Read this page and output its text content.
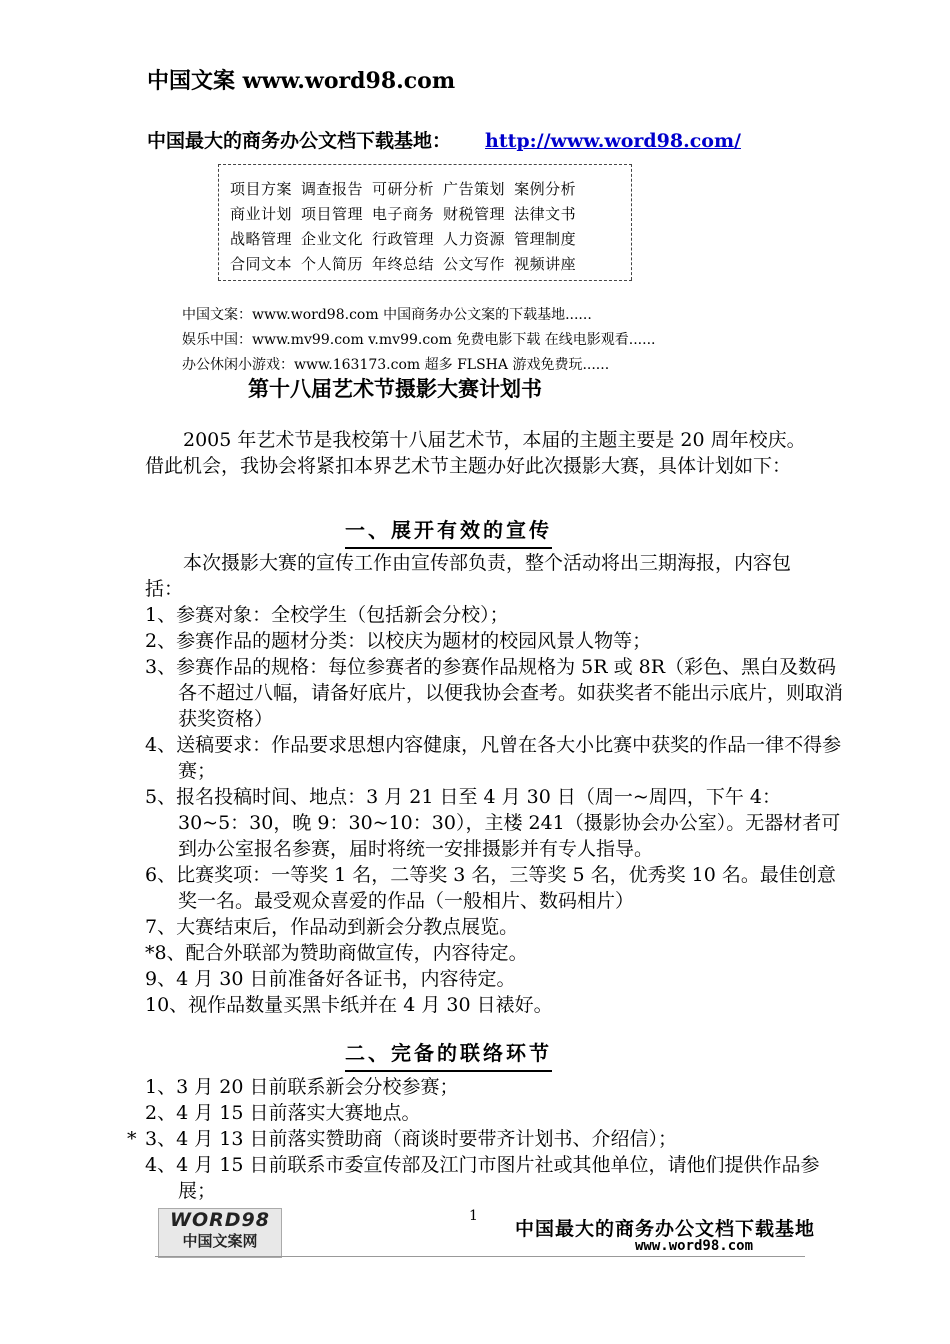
中国文案 www.word98.com
中国最大的商务办公文档下载基地： http://www.word98.com/
项目方案 调查报告 可研分析 广告策划 案例分析
商业计划 项目管理 电子商务 财税管理 法律文书
战略管理 企业文化 行政管理 人力资源 管理制度
合同文本 个人简历 年终总结 公文写作 视频讲座
中国文案：www.word98.com 中国商务办公文案的下载基地......
娱乐中国：www.mv99.com v.mv99.com 免费电影下载 在线电影观看......
办公休闲小游戏：www.163173.com 超多 FLSHA 游戏免费玩......
第十八届艺术节摄影大赛计划书
2005 年艺术节是我校第十八届艺术节，本届的主题主要是 20 周年校庆。借此机会，我协会将紧扣本界艺术节主题办好此次摄影大赛，具体计划如下：
一、展开有效的宣传
本次摄影大赛的宣传工作由宣传部负责，整个活动将出三期海报，内容包括：
1、参赛对象：全校学生（包括新会分校）；
2、参赛作品的题材分类：以校庆为题材的校园风景人物等；
3、参赛作品的规格：每位参赛者的参赛作品规格为 5R 或 8R（彩色、黑白及数码各不超过八幅，请备好底片，以便我协会查考。如获奖者不能出示底片，则取消获奖资格）
4、送稿要求：作品要求思想内容健康，凡曾在各大小比赛中获奖的作品一律不得参赛；
5、报名投稿时间、地点：3 月 21 日至 4 月 30 日（周一~周四，下午 4：30~5：30，晚 9：30~10：30），主楼 241（摄影协会办公室）。无器材者可到办公室报名参赛，届时将统一安排摄影并有专人指导。
6、比赛奖项：一等奖 1 名，二等奖 3 名，三等奖 5 名，优秀奖 10 名。最佳创意奖一名。最受观众喜爱的作品（一般相片、数码相片）
7、大赛结束后，作品动到新会分教点展览。
*8、配合外联部为赞助商做宣传，内容待定。
9、4 月 30 日前准备好各证书，内容待定。
10、视作品数量买黑卡纸并在 4 月 30 日裱好。
二、完备的联络环节
1、3 月 20 日前联系新会分校参赛；
2、4 月 15 日前落实大赛地点。
* 3、4 月 13 日前落实赞助商（商谈时要带齐计划书、介绍信）；
4、4 月 15 日前联系市委宣传部及江门市图片社或其他单位，请他们提供作品参展；
WORD98
中国文案网
1
中国最大的商务办公文档下载基地
www.word98.com
